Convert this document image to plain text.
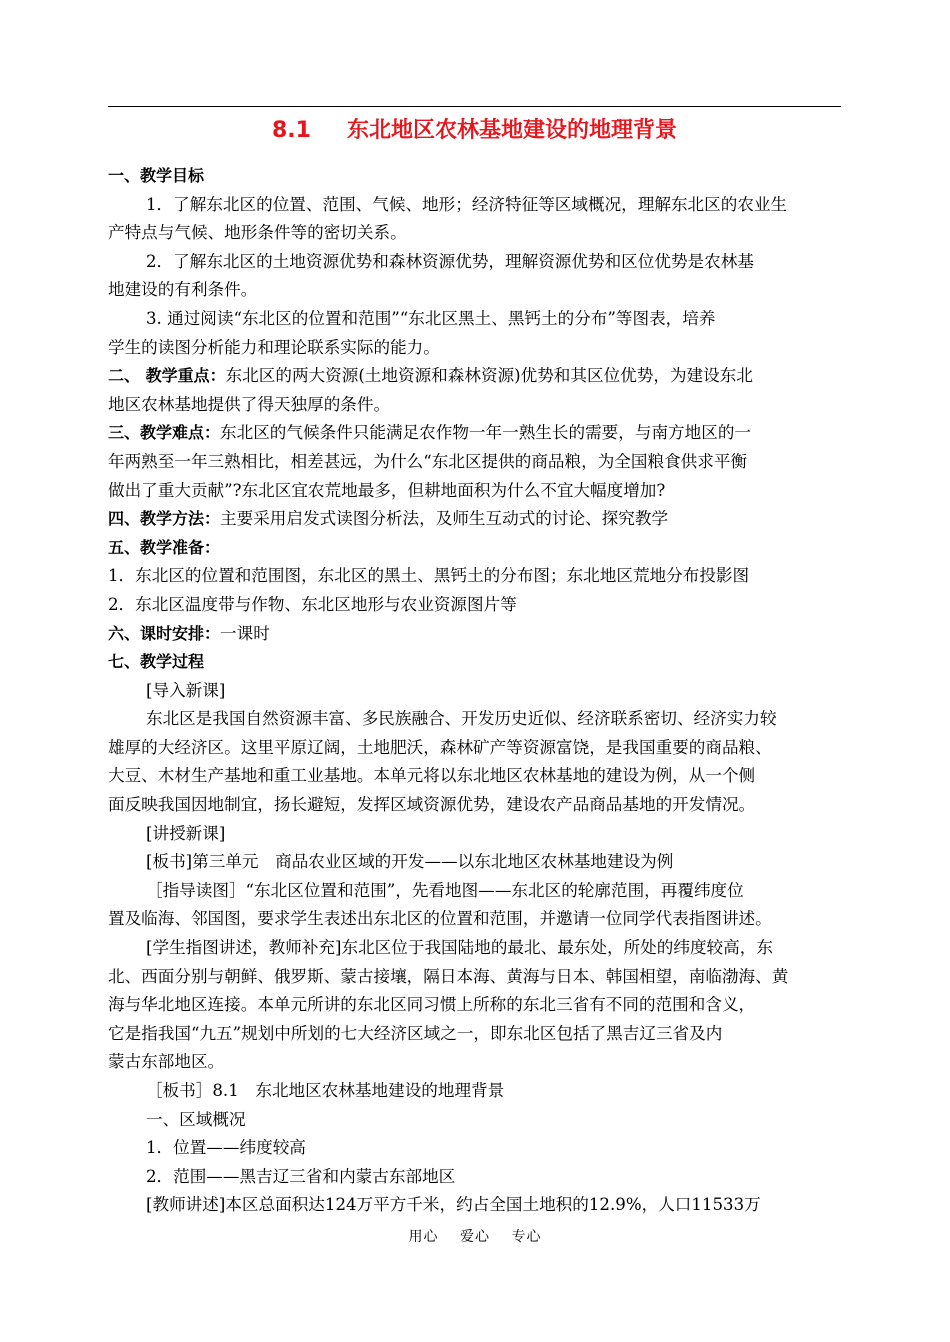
8.1 东北地区农林基地建设的地理背景
一、教学目标
1．了解东北区的位置、范围、气候、地形；经济特征等区域概况，理解东北区的农业生
产特点与气候、地形条件等的密切关系。
2．了解东北区的土地资源优势和森林资源优势，理解资源优势和区位优势是农林基
地建设的有利条件。
3. 通过阅读“东北区的位置和范围”“东北区黑土、黑钙土的分布”等图表，培养
学生的读图分析能力和理论联系实际的能力。
二、 教学重点：东北区的两大资源(土地资源和森林资源)优势和其区位优势，为建设东北
地区农林基地提供了得天独厚的条件。
三、教学难点：东北区的气候条件只能满足农作物一年一熟生长的需要，与南方地区的一
年两熟至一年三熟相比，相差甚远，为什么“东北区提供的商品粮，为全国粮食供求平衡
做出了重大贡献”?东北区宜农荒地最多，但耕地面积为什么不宜大幅度增加?
四、教学方法：主要采用启发式读图分析法，及师生互动式的讨论、探究教学
五、教学准备：
1．东北区的位置和范围图，东北区的黑土、黑钙土的分布图；东北地区荒地分布投影图
2．东北区温度带与作物、东北区地形与农业资源图片等
六、课时安排：一课时
七、教学过程
[导入新课]
东北区是我国自然资源丰富、多民族融合、开发历史近似、经济联系密切、经济实力较
雄厚的大经济区。这里平原辽阔，土地肥沃，森林矿产等资源富饶，是我国重要的商品粮、
大豆、木材生产基地和重工业基地。本单元将以东北地区农林基地的建设为例，从一个侧
面反映我国因地制宜，扬长避短，发挥区域资源优势，建设农产品商品基地的开发情况。
[讲授新课]
[板书]第三单元　商品农业区域的开发——以东北地区农林基地建设为例
［指导读图］“东北区位置和范围”，先看地图——东北区的轮廓范围，再覆纬度位
置及临海、邻国图，要求学生表述出东北区的位置和范围，并邀请一位同学代表指图讲述。
[学生指图讲述，教师补充]东北区位于我国陆地的最北、最东处，所处的纬度较高，东
北、西面分别与朝鲜、俄罗斯、蒙古接壤，隔日本海、黄海与日本、韩国相望，南临渤海、黄
海与华北地区连接。本单元所讲的东北区同习惯上所称的东北三省有不同的范围和含义，
它是指我国“九五”规划中所划的七大经济区域之一，即东北区包括了黑吉辽三省及内
蒙古东部地区。
［板书］8.1　东北地区农林基地建设的地理背景
一、区域概况
1．位置——纬度较高
2．范围——黑吉辽三省和内蒙古东部地区
[教师讲述]本区总面积达124万平方千米，约占全国土地积的12.9%，人口11533万
用心 爱心 专心
